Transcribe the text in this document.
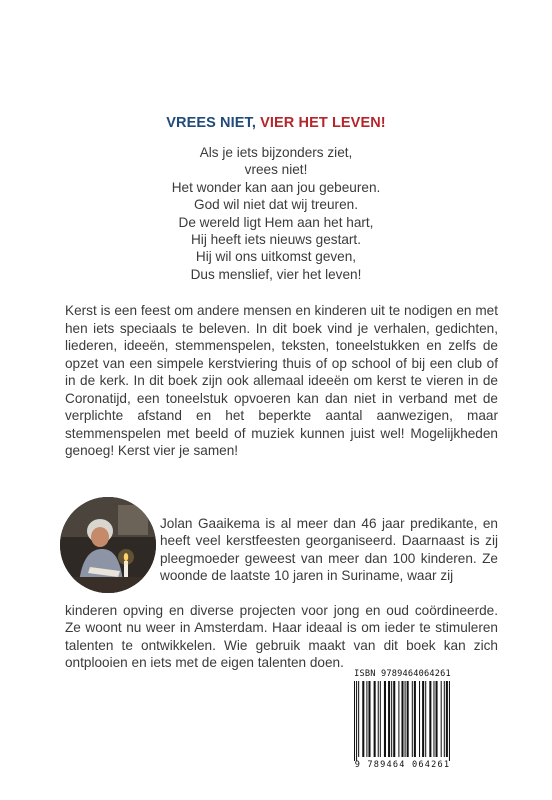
VREES NIET, VIER HET LEVEN!
Als je iets bijzonders ziet,
vrees niet!
Het wonder kan aan jou gebeuren.
God wil niet dat wij treuren.
De wereld ligt Hem aan het hart,
Hij heeft iets nieuws gestart.
Hij wil ons uitkomst geven,
Dus menslief, vier het leven!

Kerst is een feest om andere mensen en kinderen uit te nodigen en met hen iets speciaals te beleven. In dit boek vind je verhalen, gedichten, liederen, ideeën, stemmenspelen, teksten, toneelstukken en zelfs de opzet van een simpele kerstviering thuis of op school of bij een club of in de kerk. In dit boek zijn ook allemaal ideeën om kerst te vieren in de Coronatijd, een toneelstuk opvoeren kan dan niet in verband met de verplichte afstand en het beperkte aantal aanwezigen, maar stemmenspelen met beeld of muziek kunnen juist wel! Mogelijkheden genoeg! Kerst vier je samen!

Jolan Gaaikema is al meer dan 46 jaar predikante, en heeft veel kerstfeesten georganiseerd. Daarnaast is zij pleegmoeder geweest van meer dan 100 kinderen. Ze woonde de laatste 10 jaren in Suriname, waar zij

kinderen opving en diverse projecten voor jong en oud coördineerde. Ze woont nu weer in Amsterdam. Haar ideaal is om ieder te stimuleren talenten te ontwikkelen. Wie gebruik maakt van dit boek kan zich ontplooien en iets met de eigen talenten doen.

ISBN 9789464064261
9 789464 064261
